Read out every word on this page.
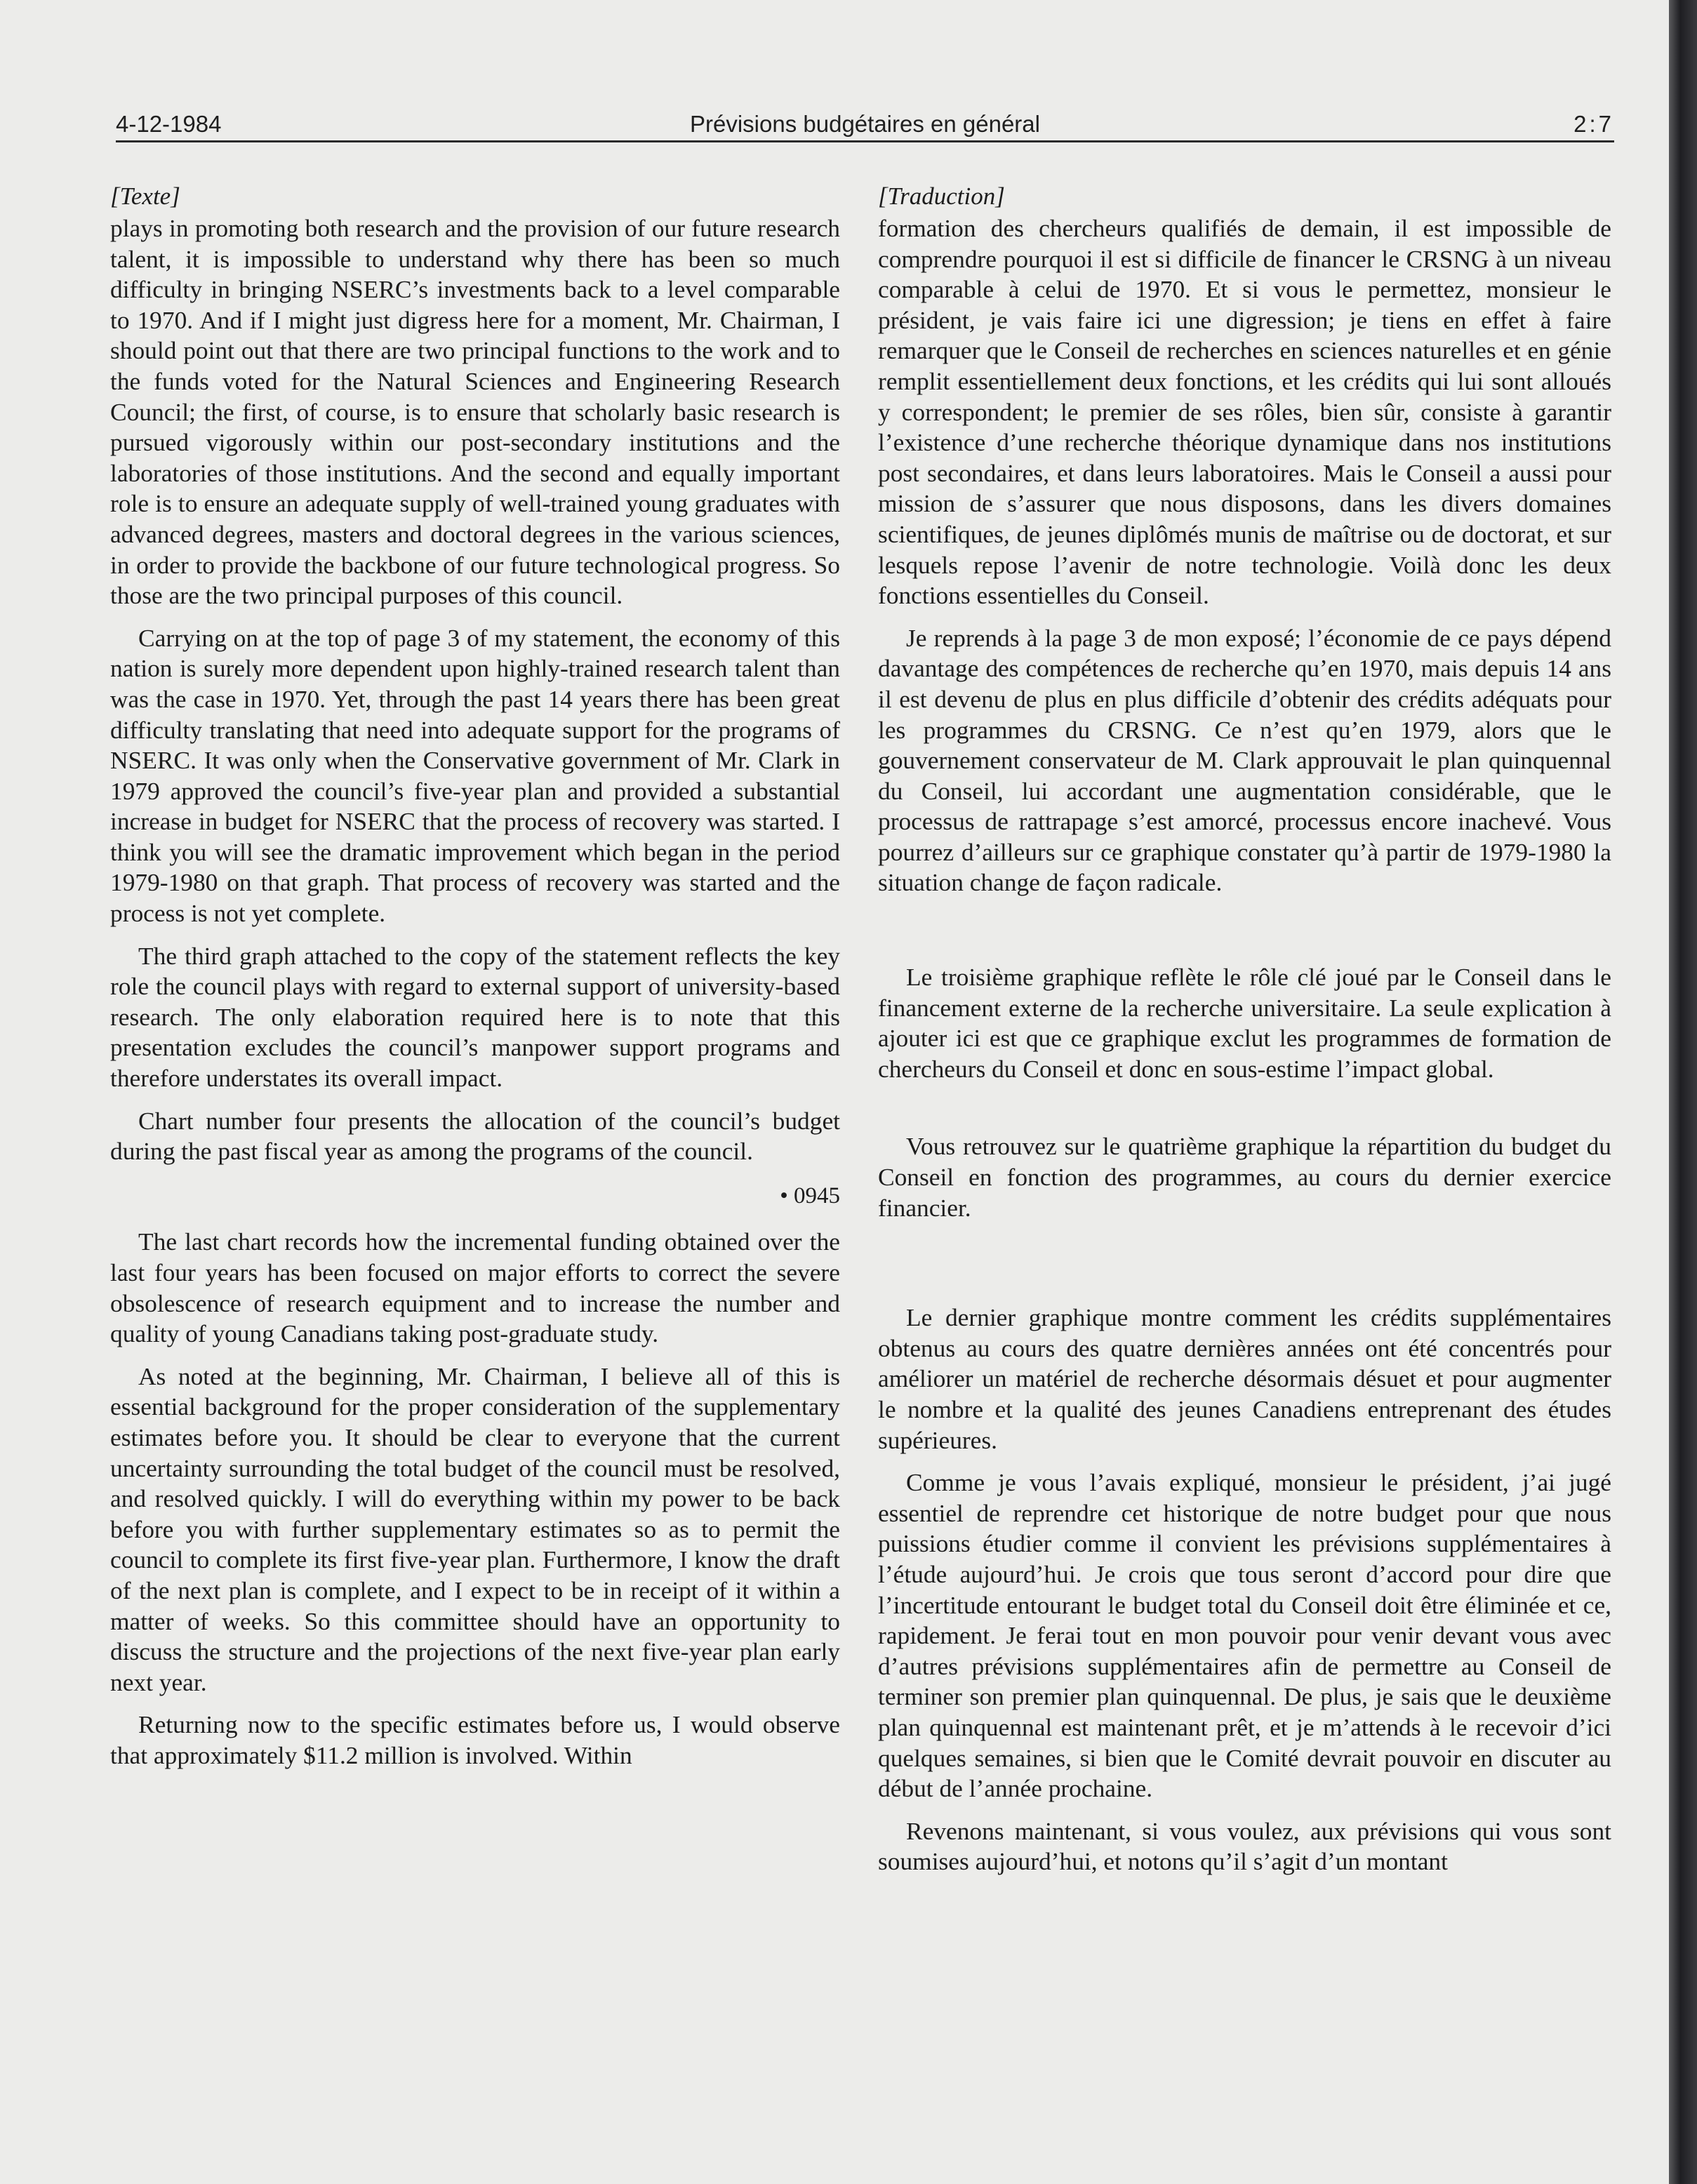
4-12-1984	Prévisions budgétaires en général	2:7
[Texte]

plays in promoting both research and the provision of our future research talent, it is impossible to understand why there has been so much difficulty in bringing NSERC’s investments back to a level comparable to 1970. And if I might just digress here for a moment, Mr. Chairman, I should point out that there are two principal functions to the work and to the funds voted for the Natural Sciences and Engineering Research Council; the first, of course, is to ensure that scholarly basic research is pursued vigorously within our post-secondary institutions and the laboratories of those institutions. And the second and equally important role is to ensure an adequate supply of well-trained young graduates with advanced degrees, masters and doctoral degrees in the various sciences, in order to provide the backbone of our future technological progress. So those are the two principal purposes of this council.

Carrying on at the top of page 3 of my statement, the economy of this nation is surely more dependent upon highly-trained research talent than was the case in 1970. Yet, through the past 14 years there has been great difficulty translating that need into adequate support for the programs of NSERC. It was only when the Conservative government of Mr. Clark in 1979 approved the council’s five-year plan and provided a substantial increase in budget for NSERC that the process of recovery was started. I think you will see the dramatic improvement which began in the period 1979-1980 on that graph. That process of recovery was started and the process is not yet complete.

The third graph attached to the copy of the statement reflects the key role the council plays with regard to external support of university-based research. The only elaboration required here is to note that this presentation excludes the council’s manpower support programs and therefore understates its overall impact.

Chart number four presents the allocation of the council’s budget during the past fiscal year as among the programs of the council.

• 0945

The last chart records how the incremental funding obtained over the last four years has been focused on major efforts to correct the severe obsolescence of research equipment and to increase the number and quality of young Canadians taking post-graduate study.

As noted at the beginning, Mr. Chairman, I believe all of this is essential background for the proper consideration of the supplementary estimates before you. It should be clear to everyone that the current uncertainty surrounding the total budget of the council must be resolved, and resolved quickly. I will do everything within my power to be back before you with further supplementary estimates so as to permit the council to complete its first five-year plan. Furthermore, I know the draft of the next plan is complete, and I expect to be in receipt of it within a matter of weeks. So this committee should have an opportunity to discuss the structure and the projections of the next five-year plan early next year.

Returning now to the specific estimates before us, I would observe that approximately $11.2 million is involved. Within

[Traduction]

formation des chercheurs qualifiés de demain, il est impossible de comprendre pourquoi il est si difficile de financer le CRSNG à un niveau comparable à celui de 1970. Et si vous le permettez, monsieur le président, je vais faire ici une digression; je tiens en effet à faire remarquer que le Conseil de recherches en sciences naturelles et en génie remplit essentiellement deux fonctions, et les crédits qui lui sont alloués y correspondent; le premier de ses rôles, bien sûr, consiste à garantir l’existence d’une recherche théorique dynamique dans nos institutions post secondaires, et dans leurs laboratoires. Mais le Conseil a aussi pour mission de s’assurer que nous disposons, dans les divers domaines scientifiques, de jeunes diplômés munis de maîtrise ou de doctorat, et sur lesquels repose l’avenir de notre technologie. Voilà donc les deux fonctions essentielles du Conseil.

Je reprends à la page 3 de mon exposé; l’économie de ce pays dépend davantage des compétences de recherche qu’en 1970, mais depuis 14 ans il est devenu de plus en plus difficile d’obtenir des crédits adéquats pour les programmes du CRSNG. Ce n’est qu’en 1979, alors que le gouvernement conservateur de M. Clark approuvait le plan quinquennal du Conseil, lui accordant une augmentation considérable, que le processus de rattrapage s’est amorcé, processus encore inachevé. Vous pourrez d’ailleurs sur ce graphique constater qu’à partir de 1979-1980 la situation change de façon radicale.

Le troisième graphique reflète le rôle clé joué par le Conseil dans le financement externe de la recherche universitaire. La seule explication à ajouter ici est que ce graphique exclut les programmes de formation de chercheurs du Conseil et donc en sous-estime l’impact global.

Vous retrouvez sur le quatrième graphique la répartition du budget du Conseil en fonction des programmes, au cours du dernier exercice financier.

Le dernier graphique montre comment les crédits supplémentaires obtenus au cours des quatre dernières années ont été concentrés pour améliorer un matériel de recherche désormais désuet et pour augmenter le nombre et la qualité des jeunes Canadiens entreprenant des études supérieures.

Comme je vous l’avais expliqué, monsieur le président, j’ai jugé essentiel de reprendre cet historique de notre budget pour que nous puissions étudier comme il convient les prévisions supplémentaires à l’étude aujourd’hui. Je crois que tous seront d’accord pour dire que l’incertitude entourant le budget total du Conseil doit être éliminée et ce, rapidement. Je ferai tout en mon pouvoir pour venir devant vous avec d’autres prévisions supplémentaires afin de permettre au Conseil de terminer son premier plan quinquennal. De plus, je sais que le deuxième plan quinquennal est maintenant prêt, et je m’attends à le recevoir d’ici quelques semaines, si bien que le Comité devrait pouvoir en discuter au début de l’année prochaine.

Revenons maintenant, si vous voulez, aux prévisions qui vous sont soumises aujourd’hui, et notons qu’il s’agit d’un montant
